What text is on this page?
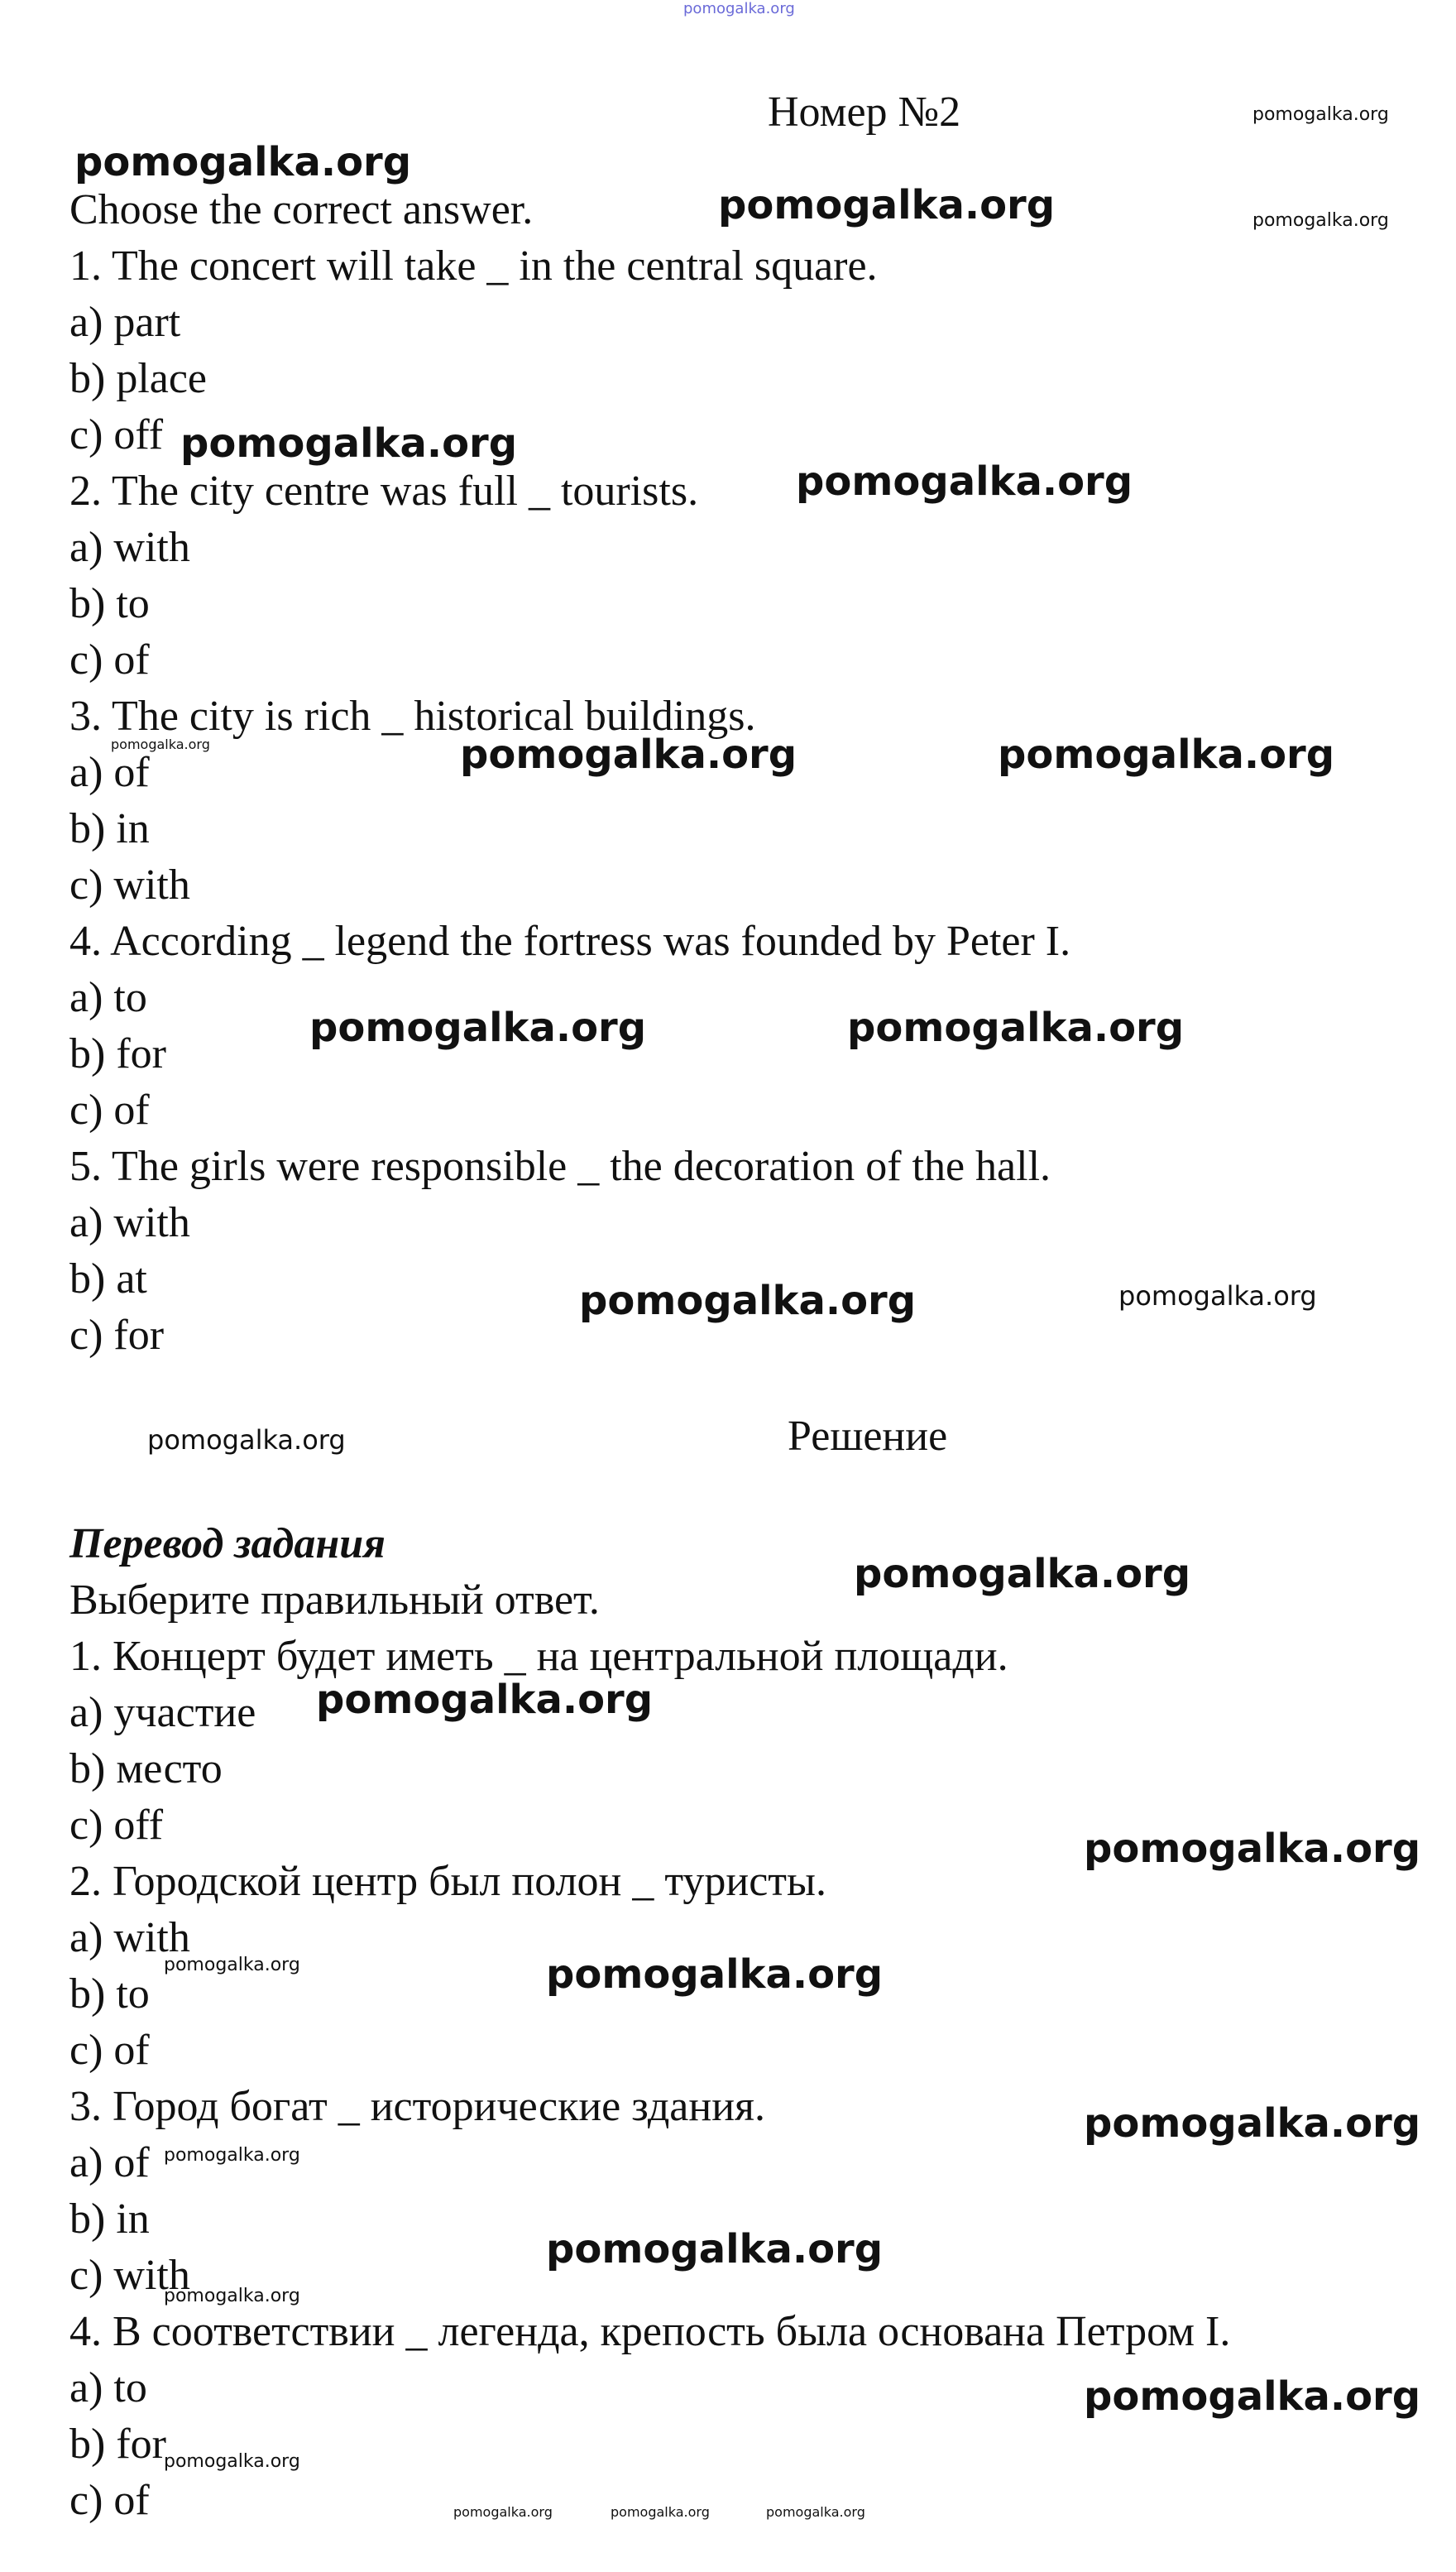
pomogalka.org
Номер №2
Choose the correct answer.
1. The concert will take _ in the central square.
a) part
b) place
c) off
2. The city centre was full _ tourists.
a) with
b) to
c) of
3. The city is rich _ historical buildings.
a) of
b) in
c) with
4. According _ legend the fortress was founded by Peter I.
a) to
b) for
c) of
5. The girls were responsible _ the decoration of the hall.
a) with
b) at
c) for
Решение
Перевод задания
Выберите правильный ответ.
1. Концерт будет иметь _ на центральной площади.
a) участие
b) место
c) off
2. Городской центр был полон _ туристы.
a) with
b) to
c) of
3. Город богат _ исторические здания.
a) of
b) in
c) with
4. В соответствии _ легенда, крепость была основана Петром I.
a) to
b) for
c) of
pomogalka.org
pomogalka.org
pomogalka.org	pomogalka.org
pomogalka.org
pomogalka.org
pomogalka.org	pomogalka.org	pomogalka.org
pomogalka.org	pomogalka.org
pomogalka.org	pomogalka.org
pomogalka.org
pomogalka.org
pomogalka.org
pomogalka.org
pomogalka.org	pomogalka.org
pomogalka.org
pomogalka.org
pomogalka.org
pomogalka.org
pomogalka.org
pomogalka.org
pomogalka.org	pomogalka.org	pomogalka.org
